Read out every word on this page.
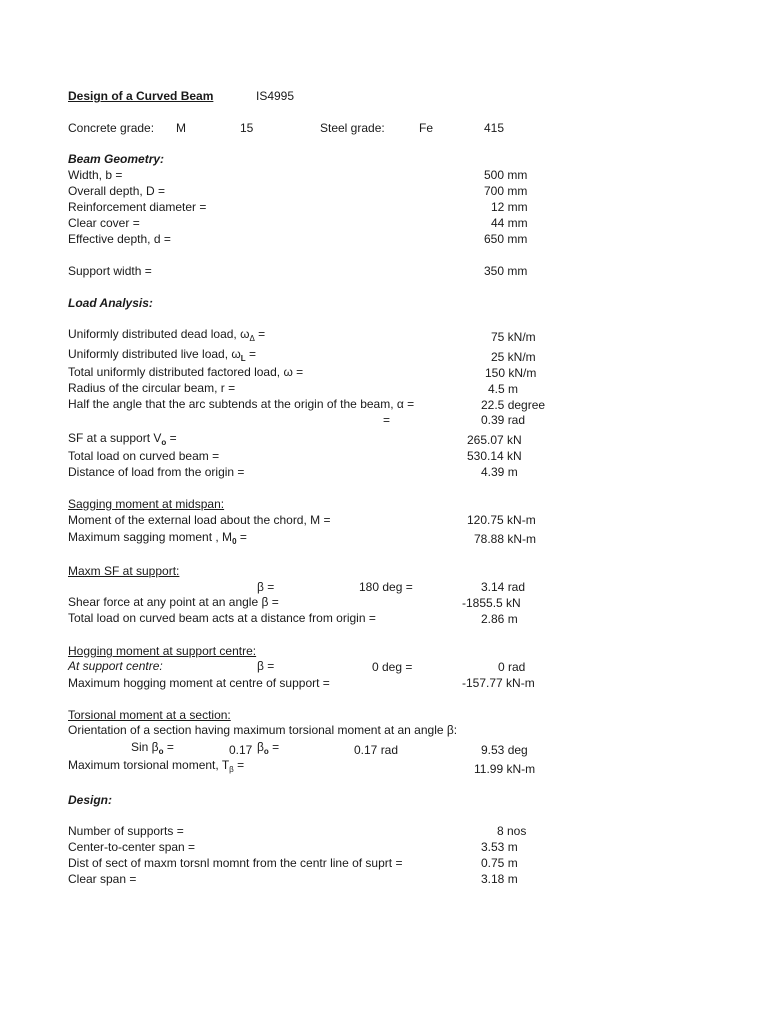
Design of a Curved Beam	IS4995
Concrete grade: M	15	Steel grade:	Fe	415
Beam Geometry:
Width, b =	500 mm
Overall depth, D =	700 mm
Reinforcement diameter =	12 mm
Clear cover =	44 mm
Effective depth, d =	650 mm
Support width =	350 mm
Load Analysis:
Uniformly distributed dead load, $\omega_\Delta$ =	75 kN/m
Uniformly distributed live load, $\omega_L$ =	25 kN/m
Total uniformly distributed factored load, ω =	150 kN/m
Radius of the circular beam, r =	4.5 m
Half the angle that the arc subtends at the origin of the beam, α =	22.5 degree
=	0.39 rad
SF at a support $V_o$ =	265.07 kN
Total load on curved beam =	530.14 kN
Distance of load from the origin =	4.39 m
Sagging moment at midspan:
Moment of the external load about the chord, M =	120.75 kN-m
Maximum sagging moment , $M_0$ =	78.88 kN-m
Maxm SF at support:
β =	180 deg =	3.14 rad
Shear force at any point at an angle β =	-1855.5 kN
Total load on curved beam acts at a distance from origin =	2.86 m
Hogging moment at support centre:
At support centre:	β =	0 deg =	0 rad
Maximum hogging moment at centre of support =	-157.77 kN-m
Torsional moment at a section:
Orientation of a section having maximum torsional moment at an angle β:
Sin $\beta_o$ =	0.17 $\beta_o$ =	0.17 rad	9.53 deg
Maximum torsional moment, $T_\beta$ =	11.99 kN-m
Design:
Number of supports =	8 nos
Center-to-center span =	3.53 m
Dist of sect of maxm torsnl momnt from the centr line of suprt =	0.75 m
Clear span =	3.18 m
